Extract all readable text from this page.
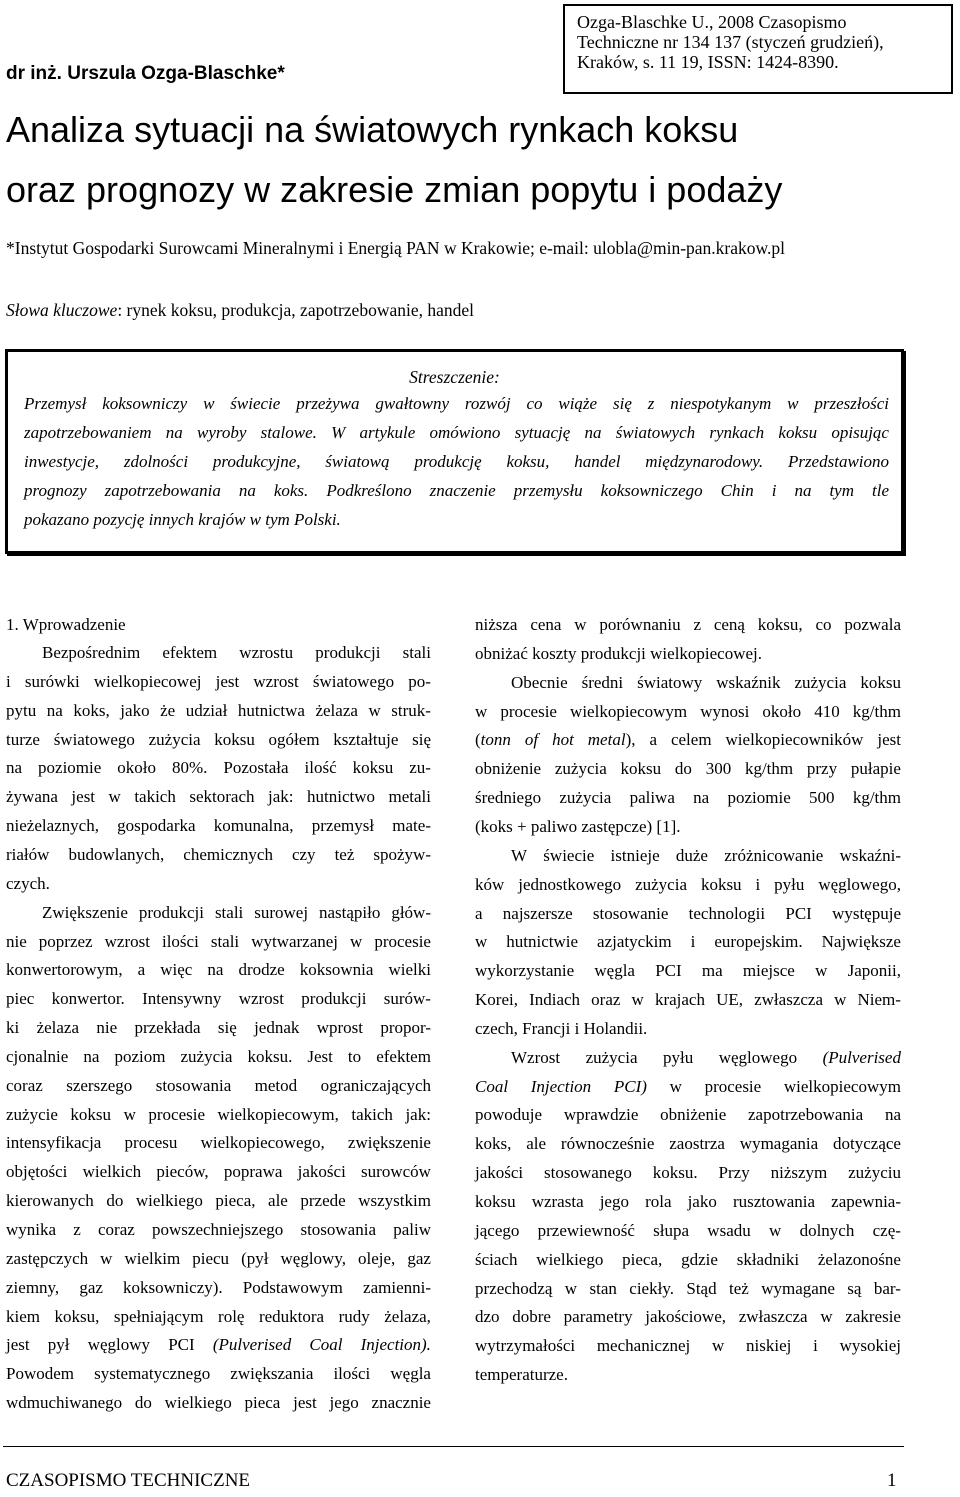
dr inż. Urszula Ozga-Blaschke*
Ozga-Blaschke U., 2008 Czasopismo
Techniczne nr 134 137 (styczeń grudzień),
Kraków, s. 11 19, ISSN: 1424-8390.
Analiza sytuacji na światowych rynkach koksu
oraz prognozy w zakresie zmian popytu i podaży
*Instytut Gospodarki Surowcami Mineralnymi i Energią PAN w Krakowie; e-mail: ulobla@min-pan.krakow.pl
Słowa kluczowe: rynek koksu, produkcja, zapotrzebowanie, handel
Streszczenie:
Przemysł koksowniczy w świecie przeżywa gwałtowny rozwój co wiąże się z niespotykanym w przeszłości
zapotrzebowaniem na wyroby stalowe. W artykule omówiono sytuację na światowych rynkach koksu opisując
inwestycje, zdolności produkcyjne, światową produkcję koksu, handel międzynarodowy. Przedstawiono
prognozy zapotrzebowania na koks. Podkreślono znaczenie przemysłu koksowniczego Chin i na tym tle
pokazano pozycję innych krajów w tym Polski.
1. Wprowadzenie
Bezpośrednim efektem wzrostu produkcji stali
i surówki wielkopiecowej jest wzrost światowego po-
pytu na koks, jako że udział hutnictwa żelaza w struk-
turze światowego zużycia koksu ogółem kształtuje się
na poziomie około 80%. Pozostała ilość koksu zu-
żywana jest w takich sektorach jak: hutnictwo metali
nieżelaznych, gospodarka komunalna, przemysł mate-
riałów budowlanych, chemicznych czy też spożyw-
czych.
Zwiększenie produkcji stali surowej nastąpiło głów-
nie poprzez wzrost ilości stali wytwarzanej w procesie
konwertorowym, a więc na drodze koksownia wielki
piec konwertor. Intensywny wzrost produkcji surów-
ki żelaza nie przekłada się jednak wprost propor-
cjonalnie na poziom zużycia koksu. Jest to efektem
coraz szerszego stosowania metod ograniczających
zużycie koksu w procesie wielkopiecowym, takich jak:
intensyfikacja procesu wielkopiecowego, zwiększenie
objętości wielkich pieców, poprawa jakości surowców
kierowanych do wielkiego pieca, ale przede wszystkim
wynika z coraz powszechniejszego stosowania paliw
zastępczych w wielkim piecu (pył węglowy, oleje, gaz
ziemny, gaz koksowniczy). Podstawowym zamienni-
kiem koksu, spełniającym rolę reduktora rudy żelaza,
jest pył węglowy PCI (Pulverised Coal Injection).
Powodem systematycznego zwiększania ilości węgla
wdmuchiwanego do wielkiego pieca jest jego znacznie
niższa cena w porównaniu z ceną koksu, co pozwala
obniżać koszty produkcji wielkopiecowej.
Obecnie średni światowy wskaźnik zużycia koksu
w procesie wielkopiecowym wynosi około 410 kg/thm
(tonn of hot metal), a celem wielkopiecowników jest
obniżenie zużycia koksu do 300 kg/thm przy pułapie
średniego zużycia paliwa na poziomie 500 kg/thm
(koks + paliwo zastępcze) [1].
W świecie istnieje duże zróżnicowanie wskaźni-
ków jednostkowego zużycia koksu i pyłu węglowego,
a najszersze stosowanie technologii PCI występuje
w hutnictwie azjatyckim i europejskim. Największe
wykorzystanie węgla PCI ma miejsce w Japonii,
Korei, Indiach oraz w krajach UE, zwłaszcza w Niem-
czech, Francji i Holandii.
Wzrost zużycia pyłu węglowego (Pulverised
Coal Injection PCI) w procesie wielkopiecowym
powoduje wprawdzie obniżenie zapotrzebowania na
koks, ale równocześnie zaostrza wymagania dotyczące
jakości stosowanego koksu. Przy niższym zużyciu
koksu wzrasta jego rola jako rusztowania zapewnia-
jącego przewiewność słupa wsadu w dolnych czę-
ściach wielkiego pieca, gdzie składniki żelazonośne
przechodzą w stan ciekły. Stąd też wymagane są bar-
dzo dobre parametry jakościowe, zwłaszcza w zakresie
wytrzymałości mechanicznej w niskiej i wysokiej
temperaturze.
CZASOPISMO TECHNICZNE	1
